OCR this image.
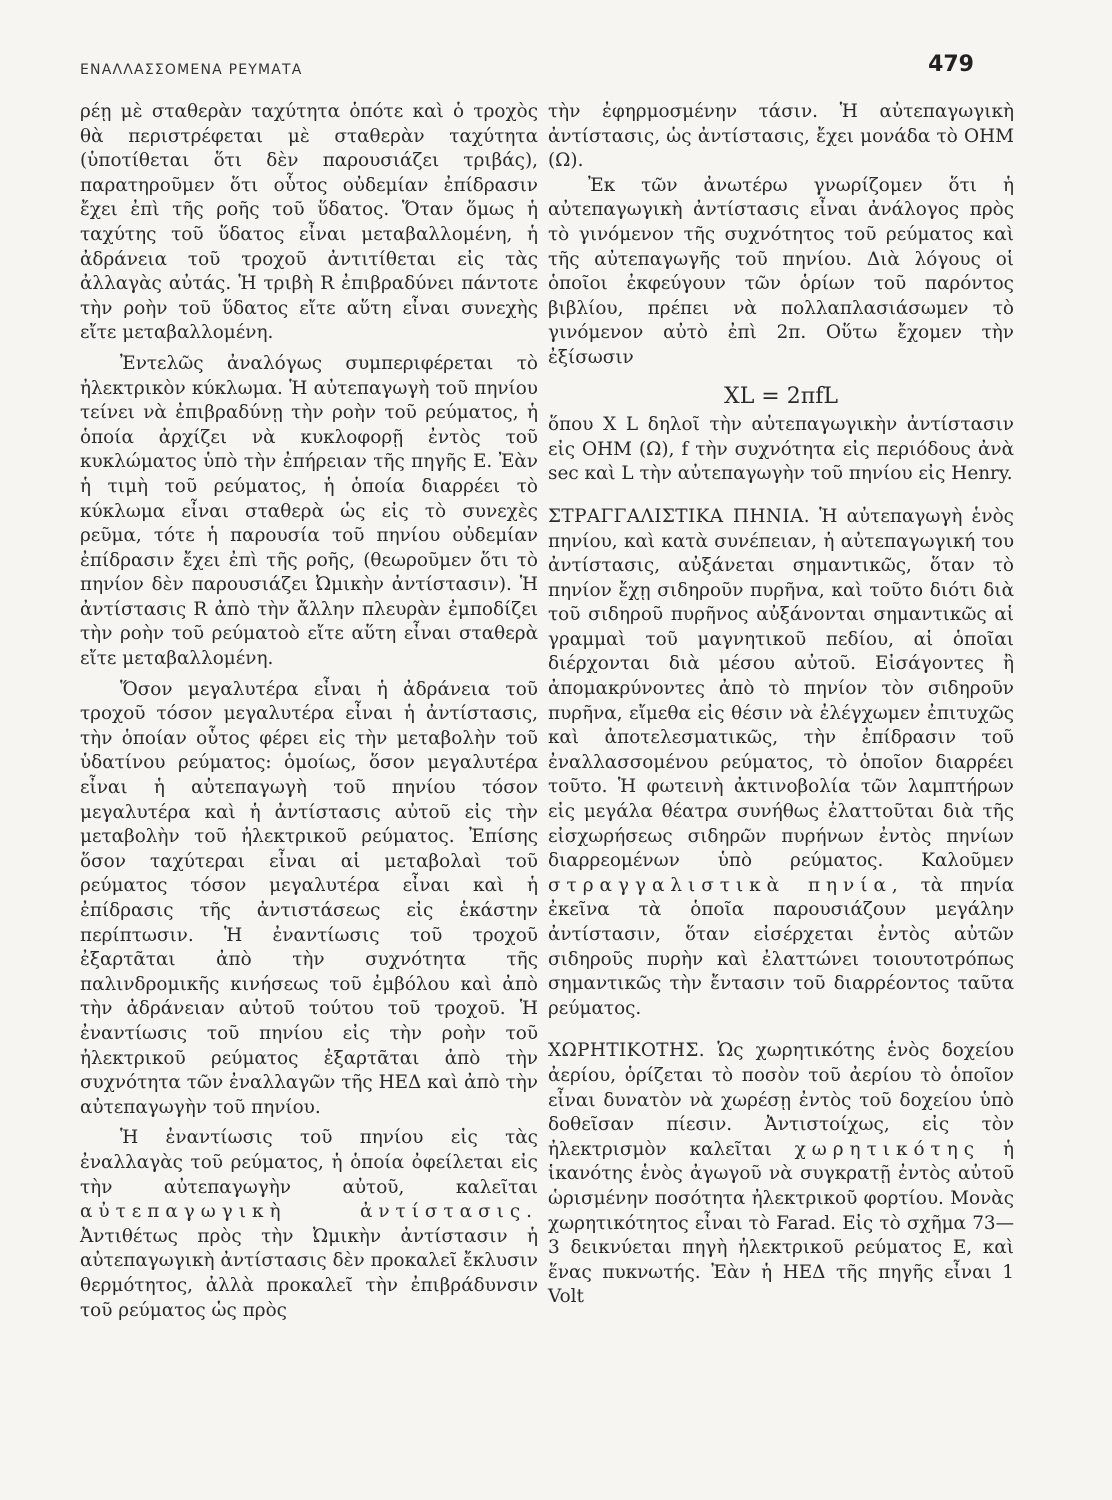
ΕΝΑΛΛΑΣΣΟΜΕΝΑ ΡΕΥΜΑΤΑ	479

ρέῃ μὲ σταθερὰν ταχύτητα ὁπότε καὶ ὁ τροχὸς θὰ περιστρέφεται μὲ σταθερὰν ταχύτητα (ὑποτίθεται ὅτι δὲν παρουσιάζει τριβάς), παρατηροῦμεν ὅτι οὗτος οὐδεμίαν ἐπίδρασιν ἔχει ἐπὶ τῆς ροῆς τοῦ ὕδατος. Ὅταν ὅμως ἡ ταχύτης τοῦ ὕδατος εἶναι μεταβαλλομένη, ἡ ἀδράνεια τοῦ τροχοῦ ἀντιτίθεται εἰς τὰς ἀλλαγὰς αὐτάς. Ἡ τριβὴ R ἐπιβραδύνει πάντοτε τὴν ροὴν τοῦ ὕδατος εἴτε αὕτη εἶναι συνεχὴς εἴτε μεταβαλλομένη.

Ἐντελῶς ἀναλόγως συμπεριφέρεται τὸ ἠλεκτρικὸν κύκλωμα. Ἡ αὐτεπαγωγὴ τοῦ πηνίου τείνει νὰ ἐπιβραδύνῃ τὴν ροὴν τοῦ ρεύματος, ἡ ὁποία ἀρχίζει νὰ κυκλοφορῇ ἐντὸς τοῦ κυκλώματος ὑπὸ τὴν ἐπήρειαν τῆς πηγῆς Ε. Ἐὰν ἡ τιμὴ τοῦ ρεύματος, ἡ ὁποία διαρρέει τὸ κύκλωμα εἶναι σταθερὰ ὡς εἰς τὸ συνεχὲς ρεῦμα, τότε ἡ παρουσία τοῦ πηνίου οὐδεμίαν ἐπίδρασιν ἔχει ἐπὶ τῆς ροῆς, (θεωροῦμεν ὅτι τὸ πηνίον δὲν παρουσιάζει Ὠμικὴν ἀντίστασιν). Ἡ ἀντίστασις R ἀπὸ τὴν ἄλλην πλευρὰν ἐμποδίζει τὴν ροὴν τοῦ ρεύματοὸ εἴτε αὕτη εἶναι σταθερὰ εἴτε μεταβαλλομένη.

Ὅσον μεγαλυτέρα εἶναι ἡ ἀδράνεια τοῦ τροχοῦ τόσον μεγαλυτέρα εἶναι ἡ ἀντίστασις, τὴν ὁποίαν οὗτος φέρει εἰς τὴν μεταβολὴν τοῦ ὑδατίνου ρεύματος: ὁμοίως, ὅσον μεγαλυτέρα εἶναι ἡ αὐτεπαγωγὴ τοῦ πηνίου τόσον μεγαλυτέρα καὶ ἡ ἀντίστασις αὐτοῦ εἰς τὴν μεταβολὴν τοῦ ἠλεκτρικοῦ ρεύματος. Ἐπίσης ὅσον ταχύτεραι εἶναι αἱ μεταβολαὶ τοῦ ρεύματος τόσον μεγαλυτέρα εἶναι καὶ ἡ ἐπίδρασις τῆς ἀντιστάσεως εἰς ἑκάστην περίπτωσιν. Ἡ ἐναντίωσις τοῦ τροχοῦ ἐξαρτᾶται ἀπὸ τὴν συχνότητα τῆς παλινδρομικῆς κινήσεως τοῦ ἐμβόλου καὶ ἀπὸ τὴν ἀδράνειαν αὐτοῦ τούτου τοῦ τροχοῦ. Ἡ ἐναντίωσις τοῦ πηνίου εἰς τὴν ροὴν τοῦ ἠλεκτρικοῦ ρεύματος ἐξαρτᾶται ἀπὸ τὴν συχνότητα τῶν ἐναλλαγῶν τῆς ΗΕΔ καὶ ἀπὸ τὴν αὐτεπαγωγὴν τοῦ πηνίου.

Ἡ ἐναντίωσις τοῦ πηνίου εἰς τὰς ἐναλλαγὰς τοῦ ρεύματος, ἡ ὁποία ὀφείλεται εἰς τὴν αὐτεπαγωγὴν αὐτοῦ, καλεῖται αὐτεπαγωγικὴ ἀντίστασις. Ἀντιθέτως πρὸς τὴν Ὠμικὴν ἀντίστασιν ἡ αὐτεπαγωγικὴ ἀντίστασις δὲν προκαλεῖ ἔκλυσιν θερμότητος, ἀλλὰ προκαλεῖ τὴν ἐπιβράδυνσιν τοῦ ρεύματος ὡς πρὸς

τὴν ἐφηρμοσμένην τάσιν. Ἡ αὐτεπαγωγικὴ ἀντίστασις, ὡς ἀντίστασις, ἔχει μονάδα τὸ ΟΗΜ (Ω).

Ἐκ τῶν ἀνωτέρω γνωρίζομεν ὅτι ἡ αὐτεπαγωγικὴ ἀντίστασις εἶναι ἀνάλογος πρὸς τὸ γινόμενον τῆς συχνότητος τοῦ ρεύματος καὶ τῆς αὐτεπαγωγῆς τοῦ πηνίου. Διὰ λόγους οἱ ὁποῖοι ἐκφεύγουν τῶν ὁρίων τοῦ παρόντος βιβλίου, πρέπει νὰ πολλαπλασιάσωμεν τὸ γινόμενον αὐτὸ ἐπὶ 2π. Οὕτω ἔχομεν τὴν ἐξίσωσιν

XL = 2πfL

ὅπου X L δηλοῖ τὴν αὐτεπαγωγικὴν ἀντίστασιν εἰς ΟΗΜ (Ω), f τὴν συχνότητα εἰς περιόδους ἀνὰ sec καὶ L τὴν αὐτεπαγωγὴν τοῦ πηνίου εἰς Henry.

ΣΤΡΑΓΓΑΛΙΣΤΙΚΑ ΠΗΝΙΑ. Ἡ αὐτεπαγωγὴ ἑνὸς πηνίου, καὶ κατὰ συνέπειαν, ἡ αὐτεπαγωγική του ἀντίστασις, αὐξάνεται σημαντικῶς, ὅταν τὸ πηνίον ἔχῃ σιδηροῦν πυρῆνα, καὶ τοῦτο διότι διὰ τοῦ σιδηροῦ πυρῆνος αὐξάνονται σημαντικῶς αἱ γραμμαὶ τοῦ μαγνητικοῦ πεδίου, αἱ ὁποῖαι διέρχονται διὰ μέσου αὐτοῦ. Εἰσάγοντες ἢ ἀπομακρύνοντες ἀπὸ τὸ πηνίον τὸν σιδηροῦν πυρῆνα, εἴμεθα εἰς θέσιν νὰ ἐλέγχωμεν ἐπιτυχῶς καὶ ἀποτελεσματικῶς, τὴν ἐπίδρασιν τοῦ ἐναλλασσομένου ρεύματος, τὸ ὁποῖον διαρρέει τοῦτο. Ἡ φωτεινὴ ἀκτινοβολία τῶν λαμπτήρων εἰς μεγάλα θέατρα συνήθως ἐλαττοῦται διὰ τῆς εἰσχωρήσεως σιδηρῶν πυρήνων ἐντὸς πηνίων διαρρεομένων ὑπὸ ρεύματος. Καλοῦμεν στραγγαλιστικὰ πηνία, τὰ πηνία ἐκεῖνα τὰ ὁποῖα παρουσιάζουν μεγάλην ἀντίστασιν, ὅταν εἰσέρχεται ἐντὸς αὐτῶν σιδηροῦς πυρὴν καὶ ἐλαττώνει τοιουτοτρόπως σημαντικῶς τὴν ἔντασιν τοῦ διαρρέοντος ταῦτα ρεύματος.

ΧΩΡΗΤΙΚΟΤΗΣ. Ὡς χωρητικότης ἑνὸς δοχείου ἀερίου, ὁρίζεται τὸ ποσὸν τοῦ ἀερίου τὸ ὁποῖον εἶναι δυνατὸν νὰ χωρέσῃ ἐντὸς τοῦ δοχείου ὑπὸ δοθεῖσαν πίεσιν. Ἀντιστοίχως, εἰς τὸν ἠλεκτρισμὸν καλεῖται χωρητικότης ἡ ἱκανότης ἑνὸς ἀγωγοῦ νὰ συγκρατῇ ἐντὸς αὐτοῦ ὡρισμένην ποσότητα ἠλεκτρικοῦ φορτίου. Μονὰς χωρητικότητος εἶναι τὸ Farad. Εἰς τὸ σχῆμα 73—3 δεικνύεται πηγὴ ἠλεκτρικοῦ ρεύματος Ε, καὶ ἕνας πυκνωτής. Ἐὰν ἡ ΗΕΔ τῆς πηγῆς εἶναι 1 Volt
